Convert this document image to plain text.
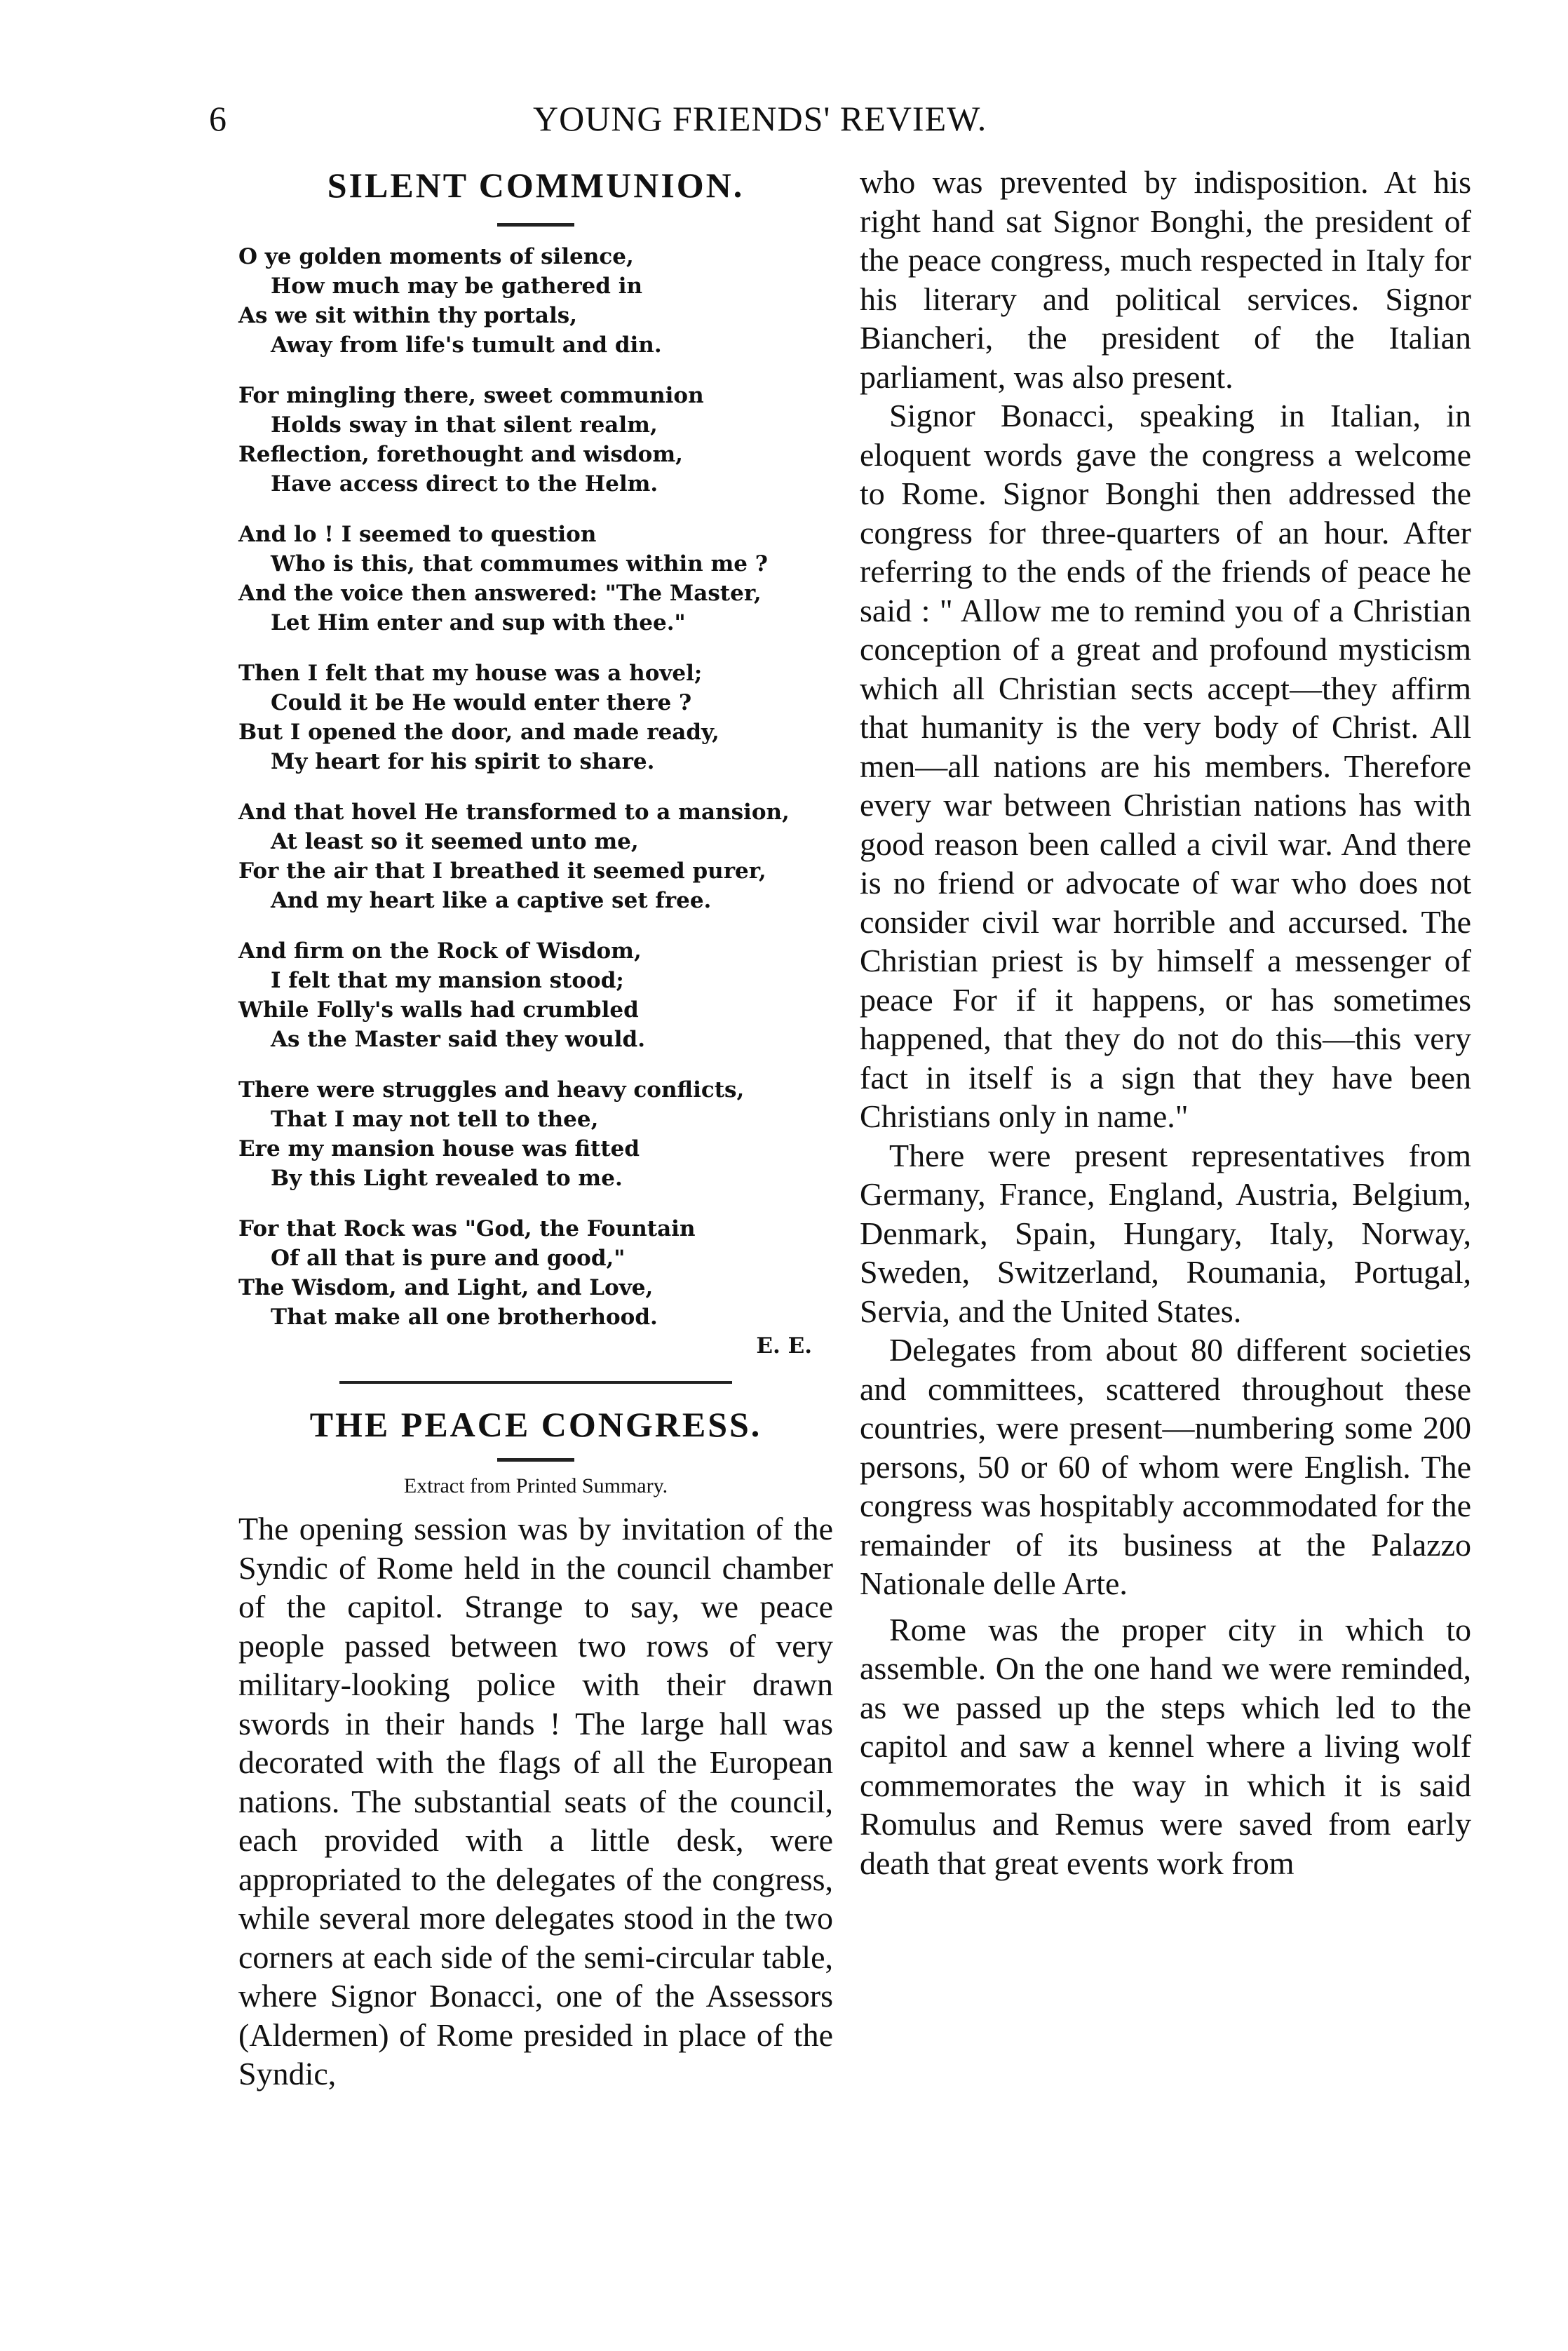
6	YOUNG FRIENDS' REVIEW.
SILENT COMMUNION.

O ye golden moments of silence,

How much may be gathered in

As we sit within thy portals,

Away from life's tumult and din.

For mingling there, sweet communion

Holds sway in that silent realm,

Reflection, forethought and wisdom,

Have access direct to the Helm.

And lo ! I seemed to question

Who is this, that commumes within me ?

And the voice then answered: "The Master,

Let Him enter and sup with thee."

Then I felt that my house was a hovel;

Could it be He would enter there ?

But I opened the door, and made ready,

My heart for his spirit to share.

And that hovel He transformed to a mansion,

At least so it seemed unto me,

For the air that I breathed it seemed purer,

And my heart like a captive set free.

And firm on the Rock of Wisdom,

I felt that my mansion stood;

While Folly's walls had crumbled

As the Master said they would.

There were struggles and heavy conflicts,

That I may not tell to thee,

Ere my mansion house was fitted

By this Light revealed to me.

For that Rock was "God, the Fountain

Of all that is pure and good,"

The Wisdom, and Light, and Love,

That make all one brotherhood.

E. E.
THE PEACE CONGRESS.

Extract from Printed Summary.

The opening session was by invitation of the Syndic of Rome held in the council chamber of the capitol. Strange to say, we peace people passed between two rows of very military-looking police with their drawn swords in their hands ! The large hall was decorated with the flags of all the European nations. The substantial seats of the council, each provided with a little desk, were appropriated to the delegates of the congress, while several more delegates stood in the two corners at each side of the semi-circular table, where Signor Bonacci, one of the Assessors (Aldermen) of Rome presided in place of the Syndic,

who was prevented by indisposition. At his right hand sat Signor Bonghi, the president of the peace congress, much respected in Italy for his literary and political services. Signor Biancheri, the president of the Italian parliament, was also present.

Signor Bonacci, speaking in Italian, in eloquent words gave the congress a welcome to Rome. Signor Bonghi then addressed the congress for three-quarters of an hour. After referring to the ends of the friends of peace he said : " Allow me to remind you of a Christian conception of a great and profound mysticism which all Christian sects accept—they affirm that humanity is the very body of Christ. All men—all nations are his members. Therefore every war between Christian nations has with good reason been called a civil war. And there is no friend or advocate of war who does not consider civil war horrible and accursed. The Christian priest is by himself a messenger of peace For if it happens, or has sometimes happened, that they do not do this—this very fact in itself is a sign that they have been Christians only in name."

There were present representatives from Germany, France, England, Austria, Belgium, Denmark, Spain, Hungary, Italy, Norway, Sweden, Switzerland, Roumania, Portugal, Servia, and the United States.

Delegates from about 80 different societies and committees, scattered throughout these countries, were present—numbering some 200 persons, 50 or 60 of whom were English. The congress was hospitably accommodated for the remainder of its business at the Palazzo Nationale delle Arte.

Rome was the proper city in which to assemble. On the one hand we were reminded, as we passed up the steps which led to the capitol and saw a kennel where a living wolf commemorates the way in which it is said Romulus and Remus were saved from early death that great events work from
